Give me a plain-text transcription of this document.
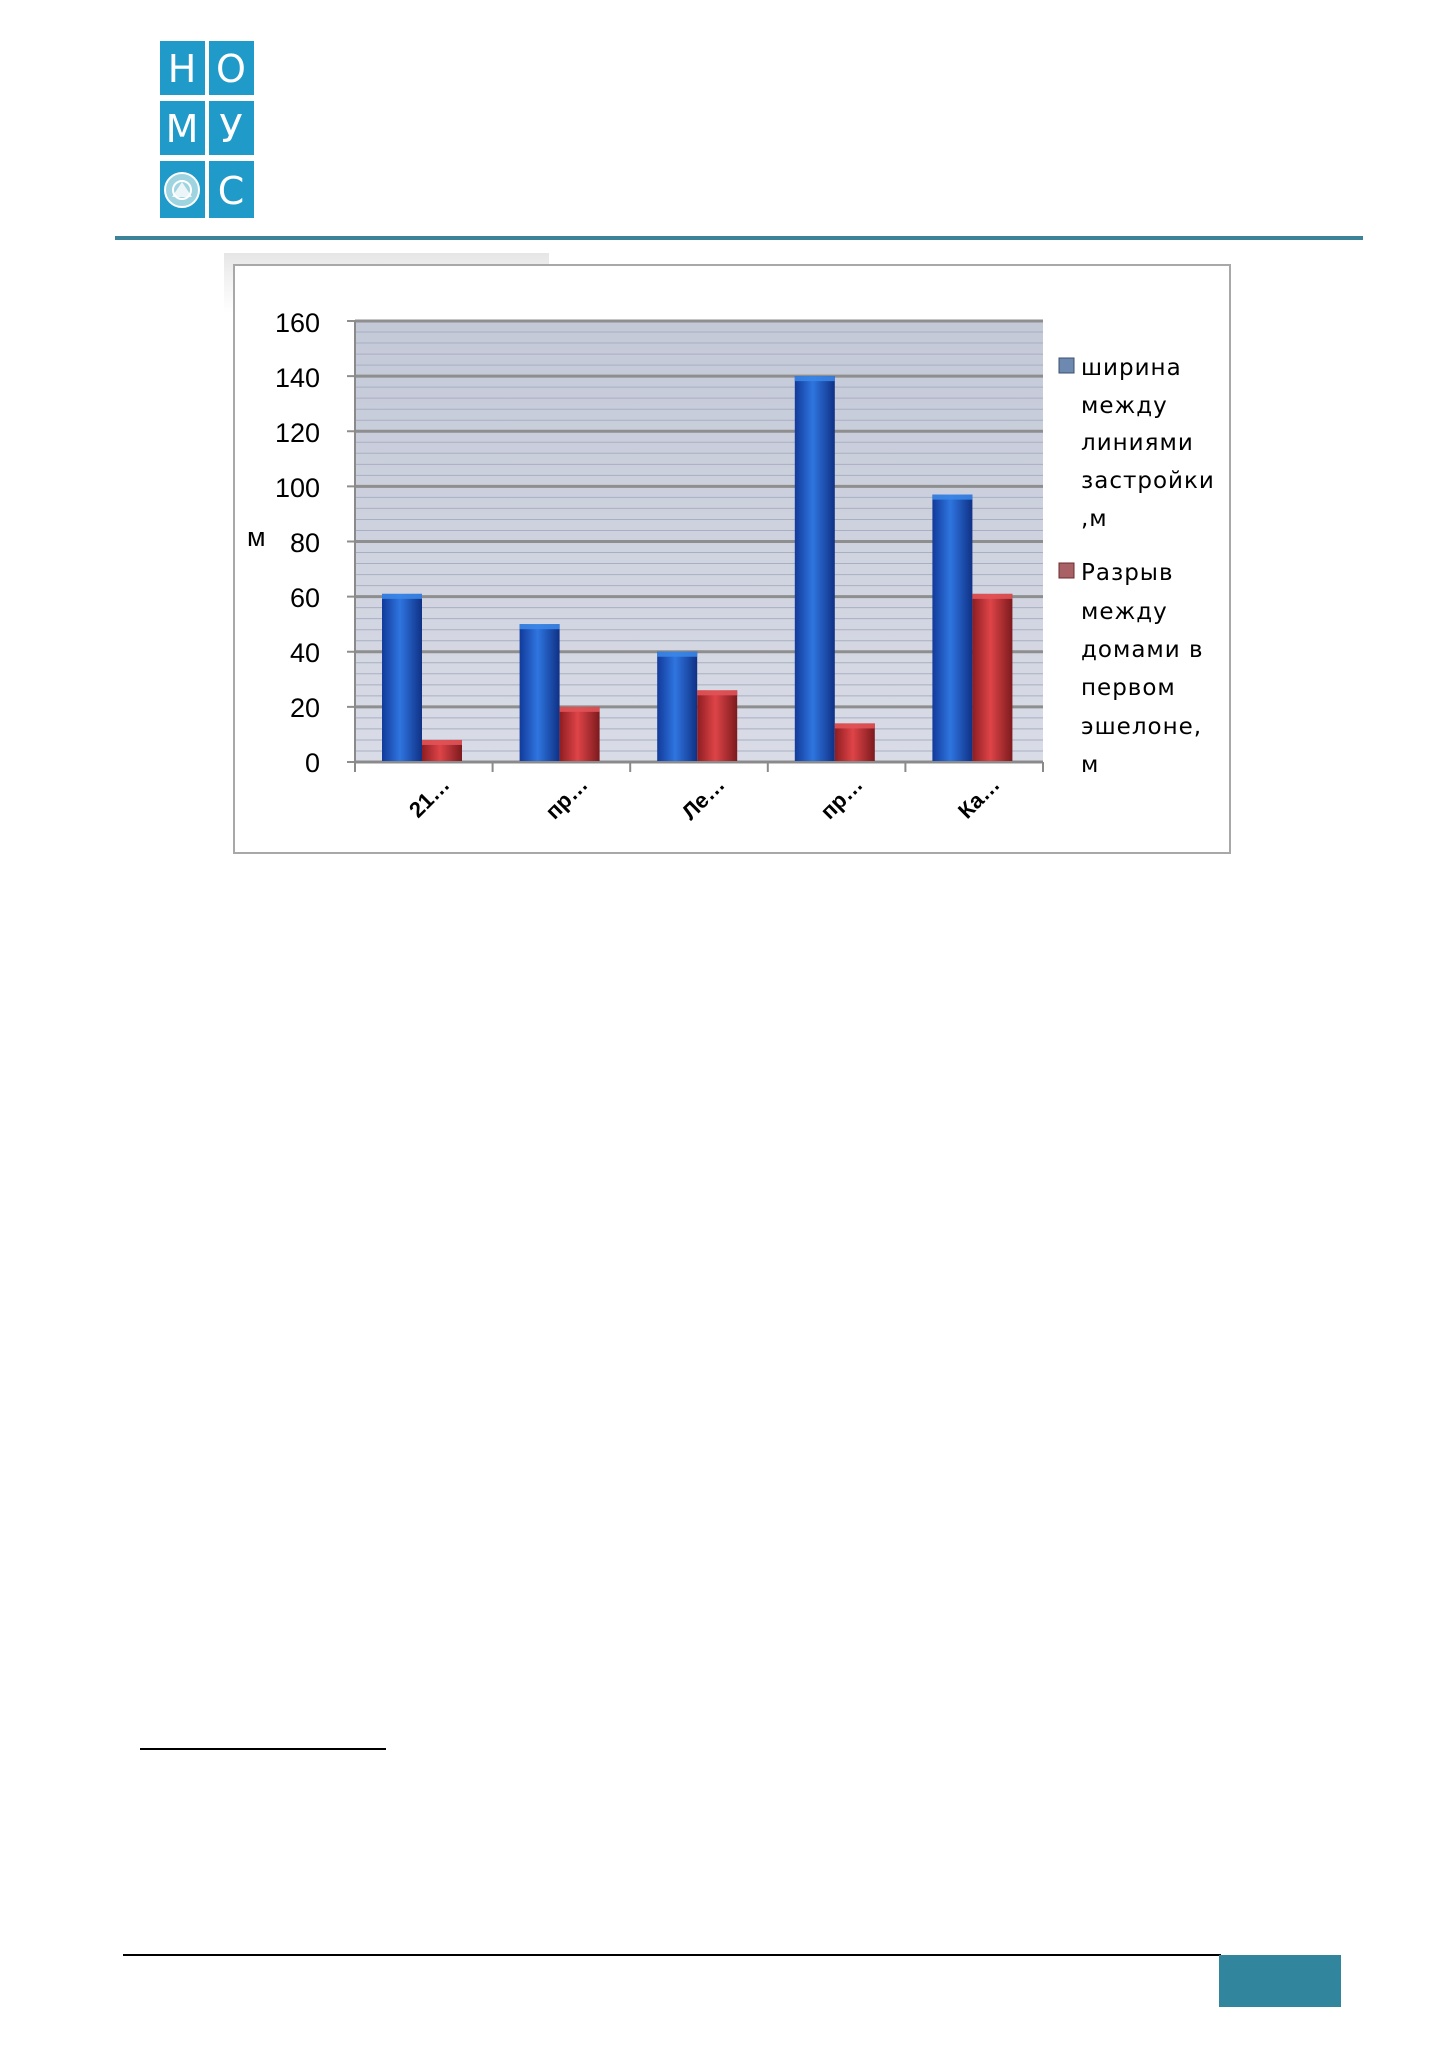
Н О
М У
С
0
20
40
60
80
100
120
140
160
м
21…	пр…	Ле…	пр…	Ка…
ширина
между
линиями
застройки
,м
Разрыв
между
домами в
первом
эшелоне,
м
